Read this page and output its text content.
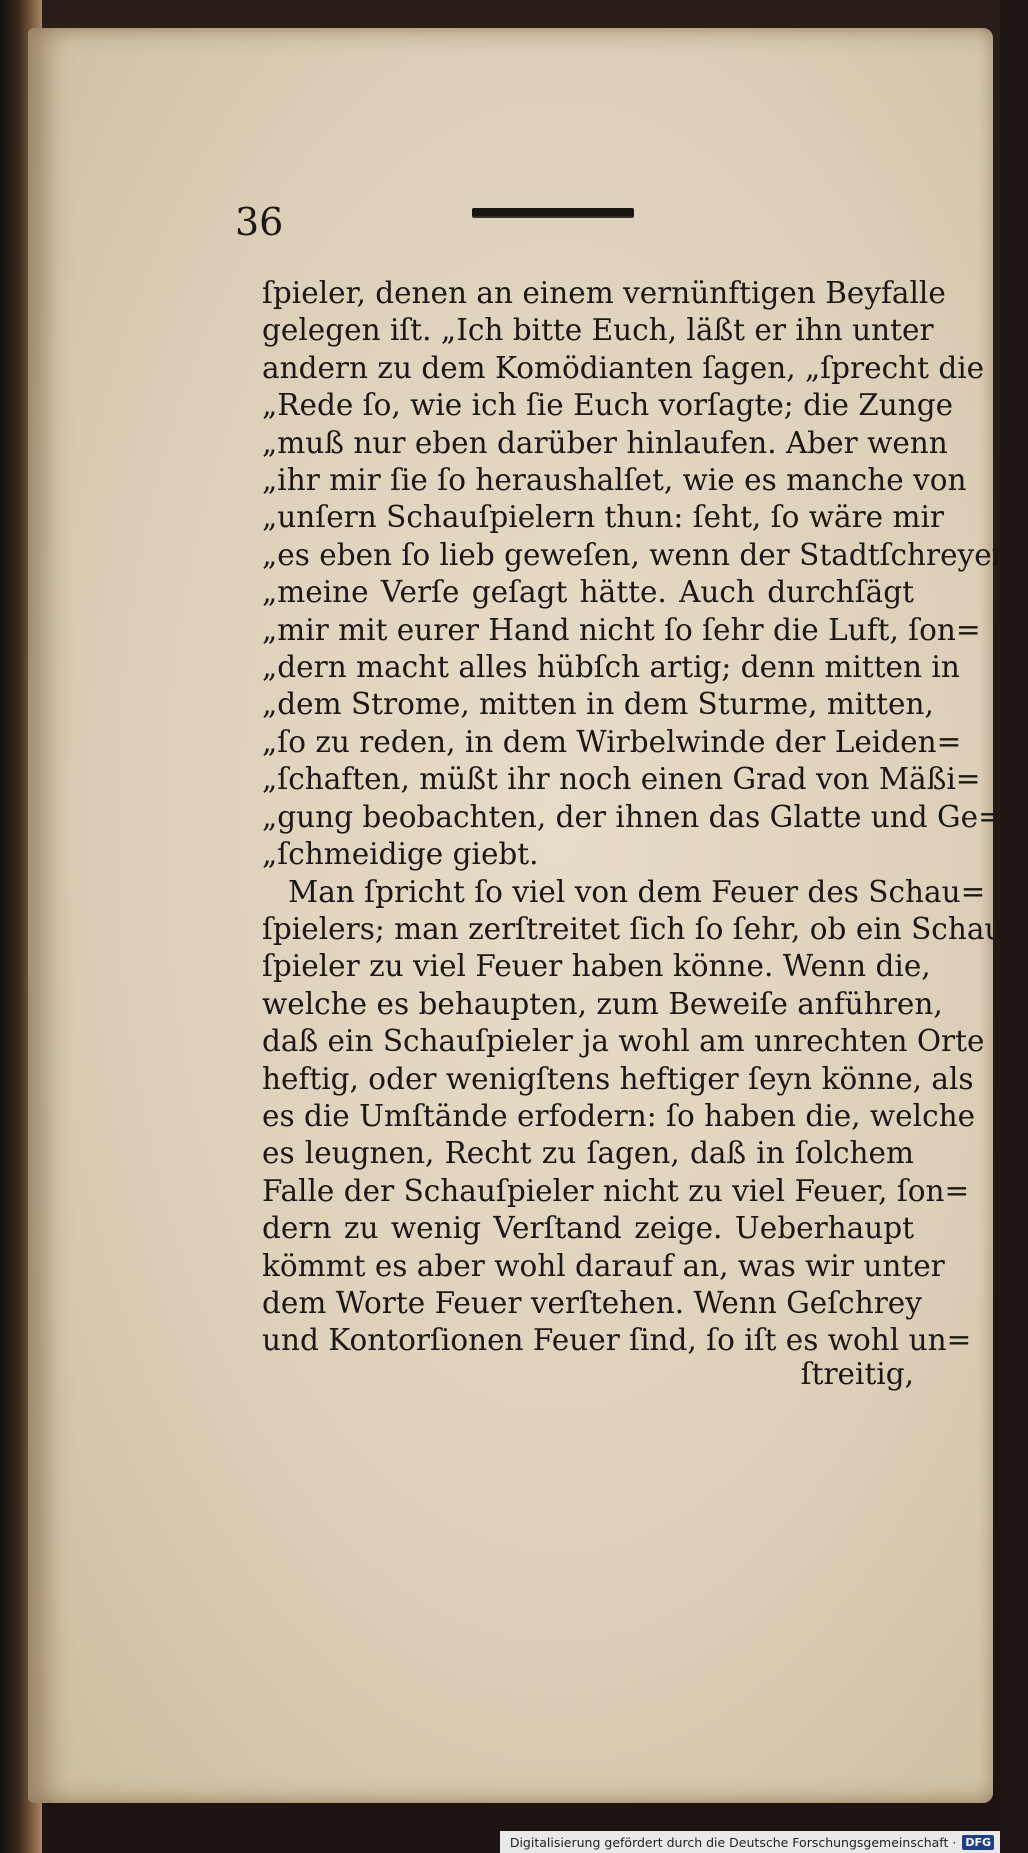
36
ſpieler, denen an einem vernünftigen Beyfalle
gelegen iſt. „Ich bitte Euch, läßt er ihn unter
andern zu dem Komödianten ſagen, „ſprecht die
„Rede ſo, wie ich ſie Euch vorſagte; die Zunge
„muß nur eben darüber hinlaufen. Aber wenn
„ihr mir ſie ſo heraushalſet, wie es manche von
„unſern Schauſpielern thun: ſeht, ſo wäre mir
„es eben ſo lieb geweſen, wenn der Stadtſchreyer
„meine Verſe geſagt hätte. Auch durchſägt
„mir mit eurer Hand nicht ſo ſehr die Luft, ſon=
„dern macht alles hübſch artig; denn mitten in
„dem Strome, mitten in dem Sturme, mitten,
„ſo zu reden, in dem Wirbelwinde der Leiden=
„ſchaften, müßt ihr noch einen Grad von Mäßi=
„gung beobachten, der ihnen das Glatte und Ge=
„ſchmeidige giebt.
Man ſpricht ſo viel von dem Feuer des Schau=
ſpielers; man zerſtreitet ſich ſo ſehr, ob ein Schau=
ſpieler zu viel Feuer haben könne. Wenn die,
welche es behaupten, zum Beweiſe anführen,
daß ein Schauſpieler ja wohl am unrechten Orte
heftig, oder wenigſtens heftiger ſeyn könne, als
es die Umſtände erfodern: ſo haben die, welche
es leugnen, Recht zu ſagen, daß in ſolchem
Falle der Schauſpieler nicht zu viel Feuer, ſon=
dern zu wenig Verſtand zeige. Ueberhaupt
kömmt es aber wohl darauf an, was wir unter
dem Worte Feuer verſtehen. Wenn Geſchrey
und Kontorſionen Feuer ſind, ſo iſt es wohl un=
ſtreitig,
Digitalisierung gefördert durch die Deutsche Forschungsgemeinschaft · DFG
